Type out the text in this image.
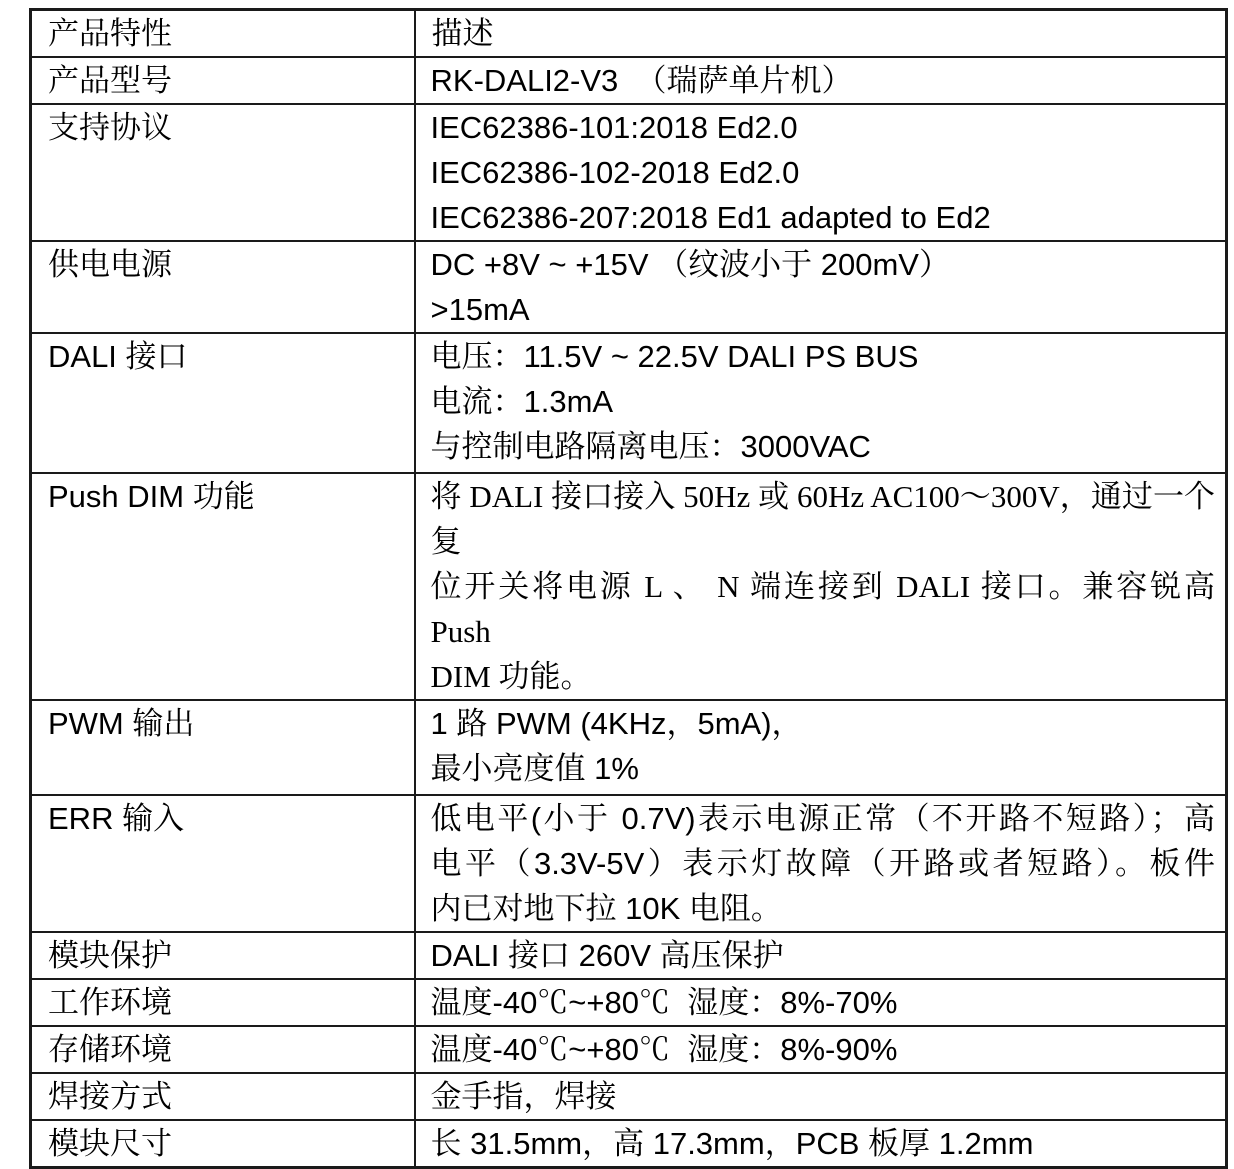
产品特性	描述
产品型号	RK-DALI2-V3  （瑞萨单片机）

支持协议	IEC62386-101:2018 Ed2.0
IEC62386-102-2018 Ed2.0
IEC62386-207:2018 Ed1 adapted to Ed2

供电电源	DC +8V ~ +15V （纹波小于 200mV）
>15mA

DALI 接口	电压：11.5V ~ 22.5V DALI PS BUS
电流：1.3mA
与控制电路隔离电压：3000VAC

Push DIM 功能	将 DALI 接口接入 50Hz 或 60Hz AC100～300V，通过一个复
位开关将电源 L 、 N 端连接到 DALI 接口。兼容锐高 Push
DIM 功能。

PWM 输出	1 路 PWM (4KHz，5mA)，
最小亮度值 1%

ERR 输入	低电平(小于 0.7V)表示电源正常（不开路不短路）；高
电平（3.3V-5V）表示灯故障（开路或者短路）。板件
内已对地下拉 10K 电阻。

模块保护	DALI 接口 260V 高压保护

工作环境	温度-40℃~+80℃  湿度：8%-70%

存储环境	温度-40℃~+80℃  湿度：8%-90%

焊接方式	金手指，焊接

模块尺寸	长 31.5mm，高 17.3mm，PCB 板厚 1.2mm
